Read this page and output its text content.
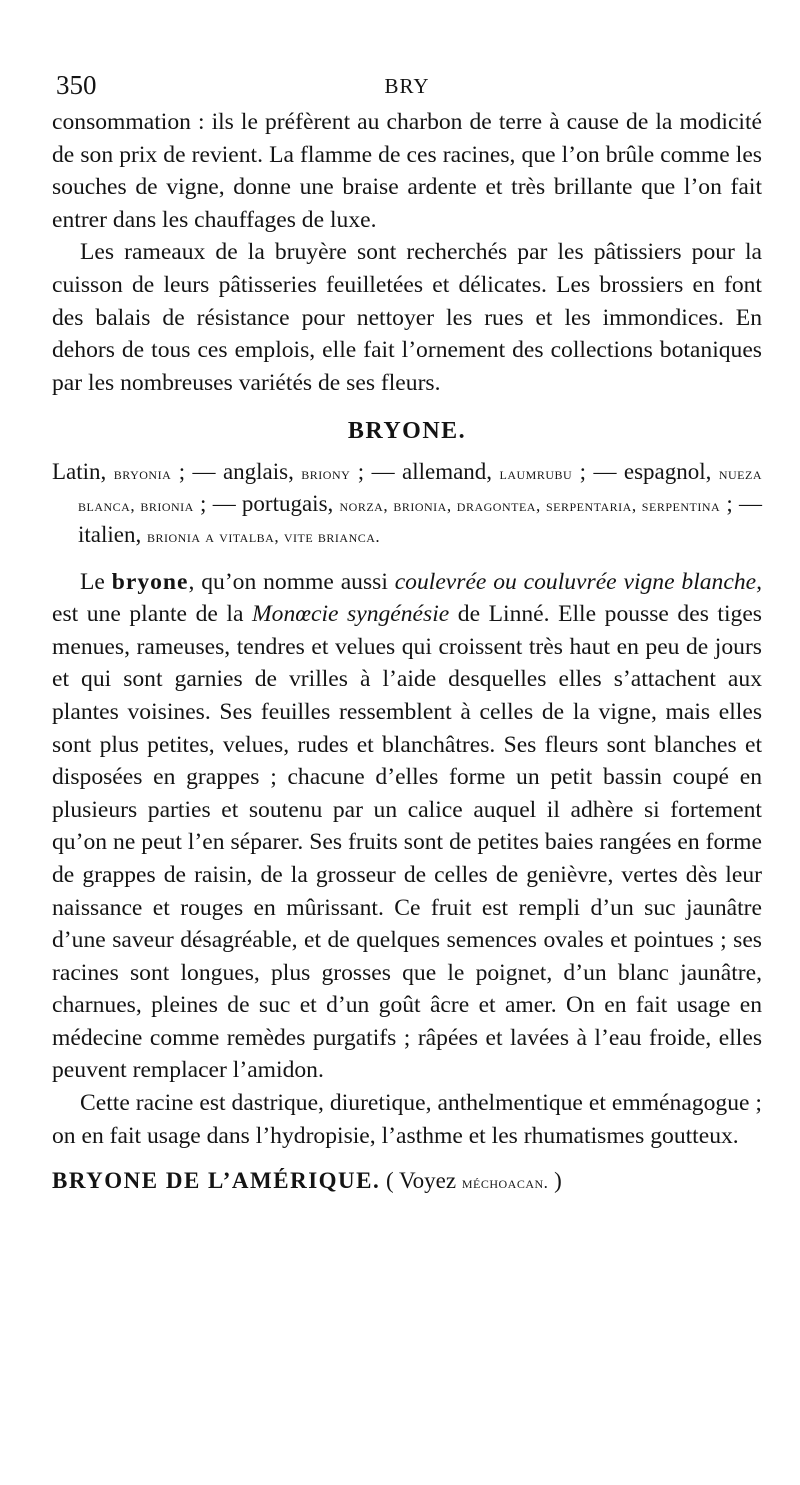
350	BRY

consommation : ils le préfèrent au charbon de terre à cause de la modicité de son prix de revient. La flamme de ces racines, que l’on brûle comme les souches de vigne, donne une braise ardente et très brillante que l’on fait entrer dans les chauffages de luxe.

Les rameaux de la bruyère sont recherchés par les pâtissiers pour la cuisson de leurs pâtisseries feuilletées et délicates. Les brossiers en font des balais de résistance pour nettoyer les rues et les immondices. En dehors de tous ces emplois, elle fait l’ornement des collections botaniques par les nombreuses variétés de ses fleurs.

BRYONE.

Latin, bryonia ; — anglais, briony ; — allemand, laumrubu ; — espagnol, nueza blanca, brionia ; — portugais, norza, brionia, dragontea, serpentaria, serpentina ; — italien, brionia a vitalba, vite brianca.

Le bryone, qu’on nomme aussi coulevrée ou couluvrée vigne blanche, est une plante de la Monœcie syngénésie de Linné. Elle pousse des tiges menues, rameuses, tendres et velues qui croissent très haut en peu de jours et qui sont garnies de vrilles à l’aide desquelles elles s’attachent aux plantes voisines. Ses feuilles ressemblent à celles de la vigne, mais elles sont plus petites, velues, rudes et blanchâtres. Ses fleurs sont blanches et disposées en grappes ; chacune d’elles forme un petit bassin coupé en plusieurs parties et soutenu par un calice auquel il adhère si fortement qu’on ne peut l’en séparer. Ses fruits sont de petites baies rangées en forme de grappes de raisin, de la grosseur de celles de genièvre, vertes dès leur naissance et rouges en mûrissant. Ce fruit est rempli d’un suc jaunâtre d’une saveur désagréable, et de quelques semences ovales et pointues ; ses racines sont longues, plus grosses que le poignet, d’un blanc jaunâtre, charnues, pleines de suc et d’un goût âcre et amer. On en fait usage en médecine comme remèdes purgatifs ; râpées et lavées à l’eau froide, elles peuvent remplacer l’amidon.

Cette racine est dastrique, diuretique, anthelmentique et emménagogue ; on en fait usage dans l’hydropisie, l’asthme et les rhumatismes goutteux.

BRYONE DE L’AMÉRIQUE. ( Voyez méchoacan. )
